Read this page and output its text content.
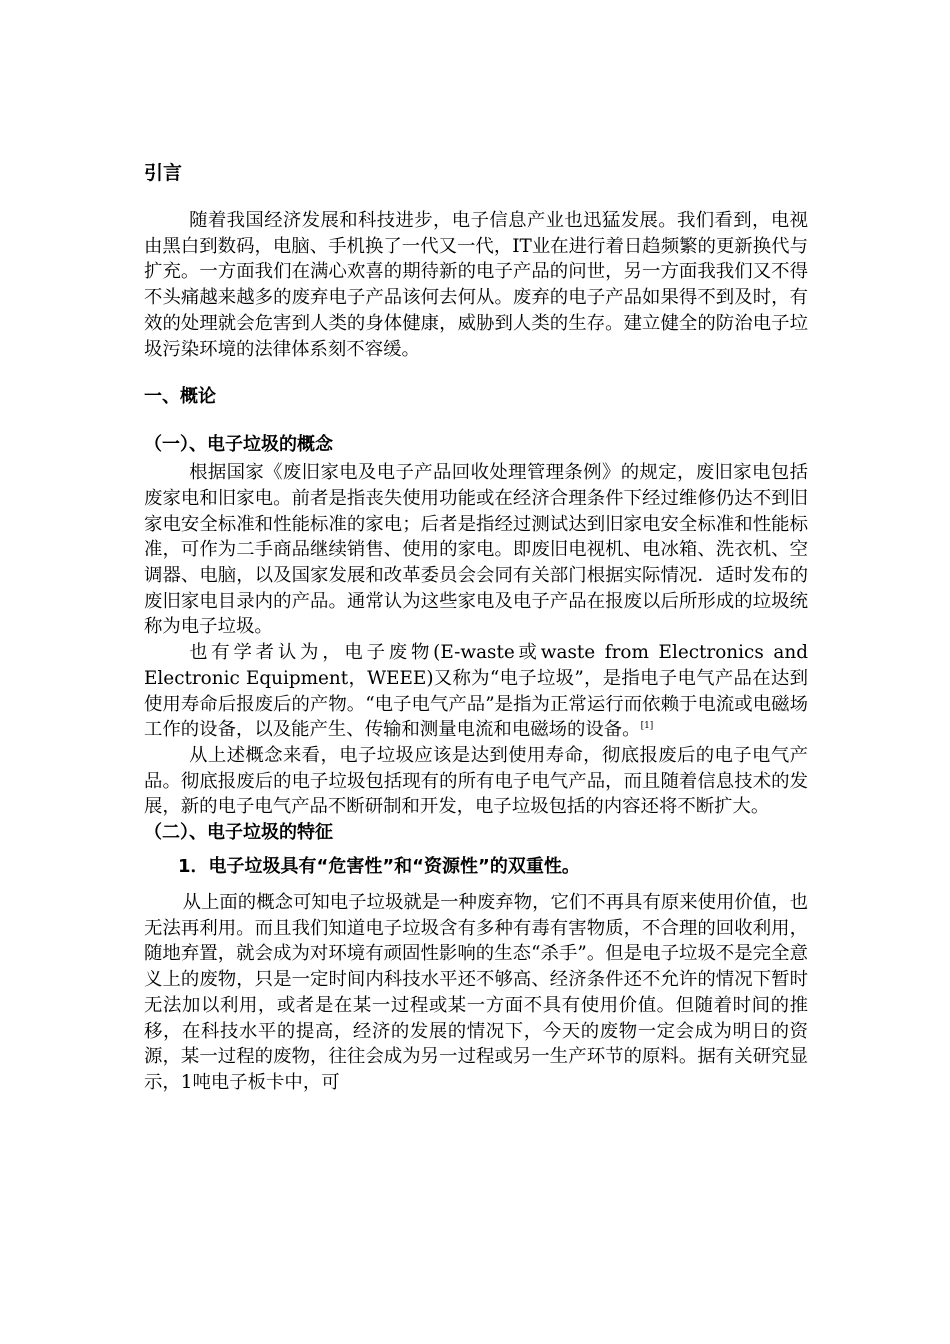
引言

随着我国经济发展和科技进步，电子信息产业也迅猛发展。我们看到，电视由黑白到数码，电脑、手机换了一代又一代，IT业在进行着日趋频繁的更新换代与扩充。一方面我们在满心欢喜的期待新的电子产品的问世，另一方面我我们又不得不头痛越来越多的废弃电子产品该何去何从。废弃的电子产品如果得不到及时，有效的处理就会危害到人类的身体健康，威胁到人类的生存。建立健全的防治电子垃圾污染环境的法律体系刻不容缓。

一、概论
（一）、电子垃圾的概念

根据国家《废旧家电及电子产品回收处理管理条例》的规定，废旧家电包括废家电和旧家电。前者是指丧失使用功能或在经济合理条件下经过维修仍达不到旧家电安全标准和性能标准的家电；后者是指经过测试达到旧家电安全标准和性能标准，可作为二手商品继续销售、使用的家电。即废旧电视机、电冰箱、洗衣机、空调器、电脑，以及国家发展和改革委员会会同有关部门根据实际情况．适时发布的废旧家电目录内的产品。通常认为这些家电及电子产品在报废以后所形成的垃圾统称为电子垃圾。

也有学者认为，电子废物(E-waste或waste from Electronics and Electronic Equipment，WEEE)又称为“电子垃圾”，是指电子电气产品在达到使用寿命后报废后的产物。“电子电气产品”是指为正常运行而依赖于电流或电磁场工作的设备，以及能产生、传输和测量电流和电磁场的设备。[1]

从上述概念来看，电子垃圾应该是达到使用寿命，彻底报废后的电子电气产品。彻底报废后的电子垃圾包括现有的所有电子电气产品，而且随着信息技术的发展，新的电子电气产品不断研制和开发，电子垃圾包括的内容还将不断扩大。

（二）、电子垃圾的特征
1．电子垃圾具有“危害性”和“资源性”的双重性。

从上面的概念可知电子垃圾就是一种废弃物，它们不再具有原来使用价值，也无法再利用。而且我们知道电子垃圾含有多种有毒有害物质，不合理的回收利用，随地弃置，就会成为对环境有顽固性影响的生态“杀手”。但是电子垃圾不是完全意义上的废物，只是一定时间内科技水平还不够高、经济条件还不允许的情况下暂时无法加以利用，或者是在某一过程或某一方面不具有使用价值。但随着时间的推移，在科技水平的提高，经济的发展的情况下，今天的废物一定会成为明日的资源，某一过程的废物，往往会成为另一过程或另一生产环节的原料。据有关研究显示，1吨电子板卡中，可
